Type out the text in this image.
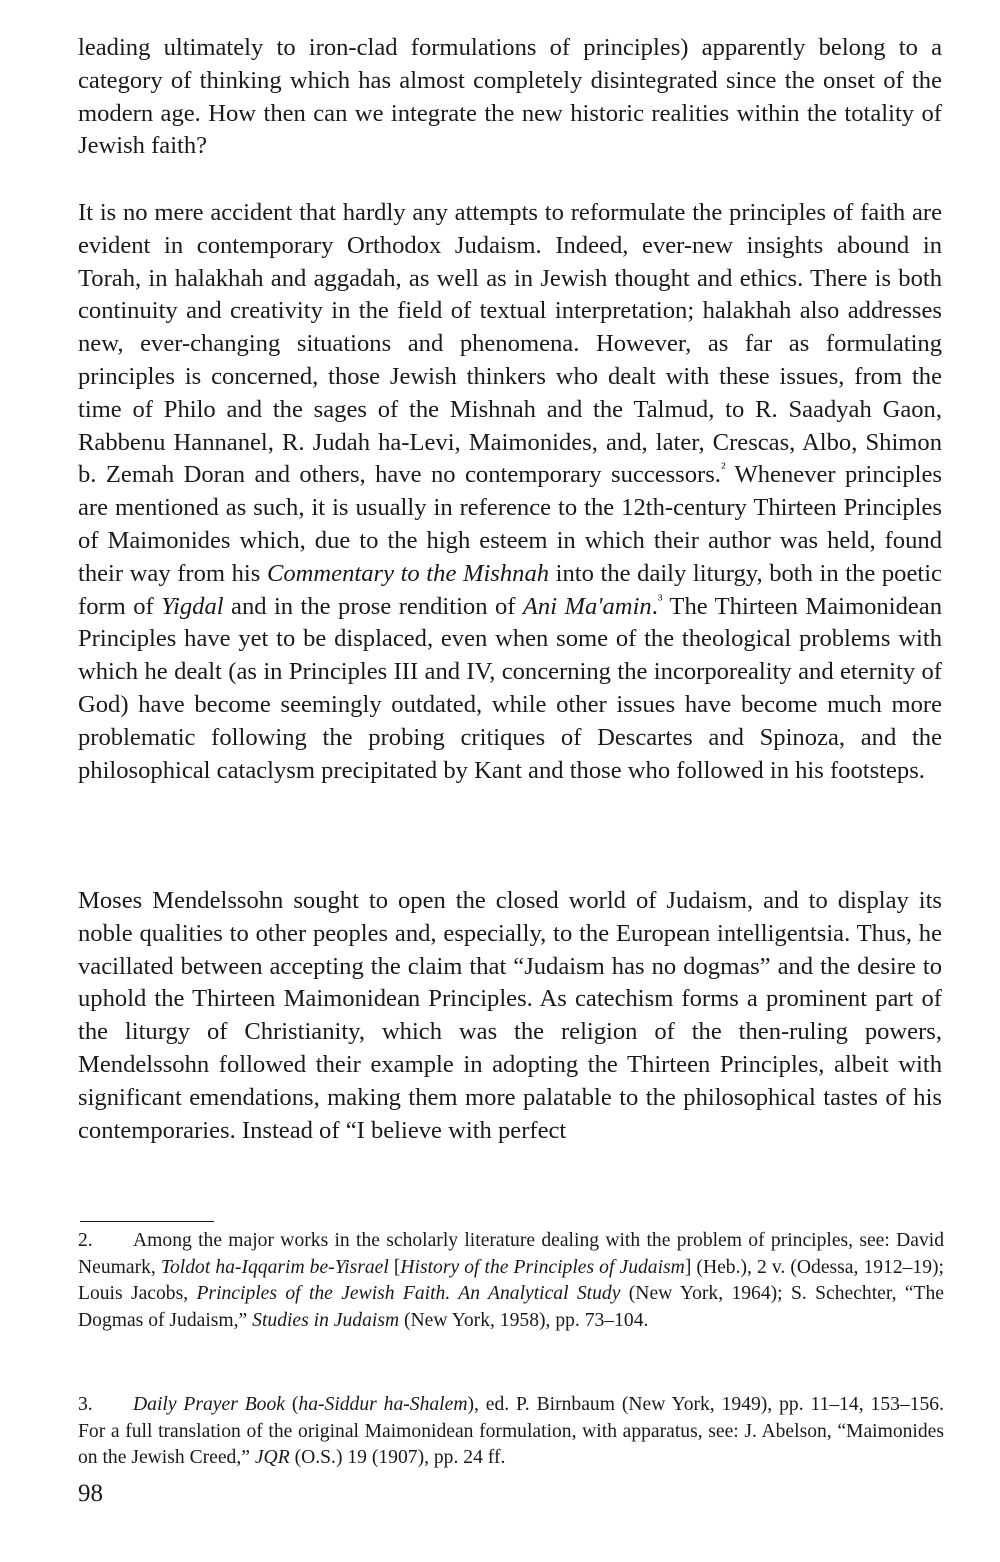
leading ultimately to iron-clad formulations of principles) apparently belong to a category of thinking which has almost completely disintegrated since the onset of the modern age. How then can we integrate the new historic realities within the totality of Jewish faith?

It is no mere accident that hardly any attempts to reformulate the principles of faith are evident in contemporary Orthodox Judaism. Indeed, ever-new insights abound in Torah, in halakhah and aggadah, as well as in Jewish thought and ethics. There is both continuity and creativity in the field of textual interpretation; halakhah also addresses new, ever-changing situations and phenomena. However, as far as formulating principles is concerned, those Jewish thinkers who dealt with these issues, from the time of Philo and the sages of the Mishnah and the Talmud, to R. Saadyah Gaon, Rabbenu Hannanel, R. Judah ha-Levi, Maimonides, and, later, Crescas, Albo, Shimon b. Zemah Doran and others, have no contemporary successors.$^{^2}$ Whenever principles are mentioned as such, it is usually in reference to the 12th-century Thirteen Principles of Maimonides which, due to the high esteem in which their author was held, found their way from his Commentary to the Mishnah into the daily liturgy, both in the poetic form of Yigdal and in the prose rendition of Ani Ma'amin.$^{^3}$ The Thirteen Maimonidean Principles have yet to be displaced, even when some of the theological problems with which he dealt (as in Principles III and IV, concerning the incorporeality and eternity of God) have become seemingly outdated, while other issues have become much more problematic following the probing critiques of Descartes and Spinoza, and the philosophical cataclysm precipitated by Kant and those who followed in his footsteps.

Moses Mendelssohn sought to open the closed world of Judaism, and to display its noble qualities to other peoples and, especially, to the European intelligentsia. Thus, he vacillated between accepting the claim that “Judaism has no dogmas” and the desire to uphold the Thirteen Maimonidean Principles. As catechism forms a prominent part of the liturgy of Christianity, which was the religion of the then-ruling powers, Mendelssohn followed their example in adopting the Thirteen Principles, albeit with significant emendations, making them more palatable to the philosophical tastes of his contemporaries. Instead of “I believe with perfect

2. Among the major works in the scholarly literature dealing with the problem of principles, see: David Neumark, Toldot ha-Iqqarim be-Yisrael [History of the Principles of Judaism] (Heb.), 2 v. (Odessa, 1912–19); Louis Jacobs, Principles of the Jewish Faith. An Analytical Study (New York, 1964); S. Schechter, “The Dogmas of Judaism,” Studies in Judaism (New York, 1958), pp. 73–104.

3. Daily Prayer Book (ha-Siddur ha-Shalem), ed. P. Birnbaum (New York, 1949), pp. 11–14, 153–156. For a full translation of the original Maimonidean formulation, with apparatus, see: J. Abelson, “Maimonides on the Jewish Creed,” JQR (O.S.) 19 (1907), pp. 24 ff.

98
